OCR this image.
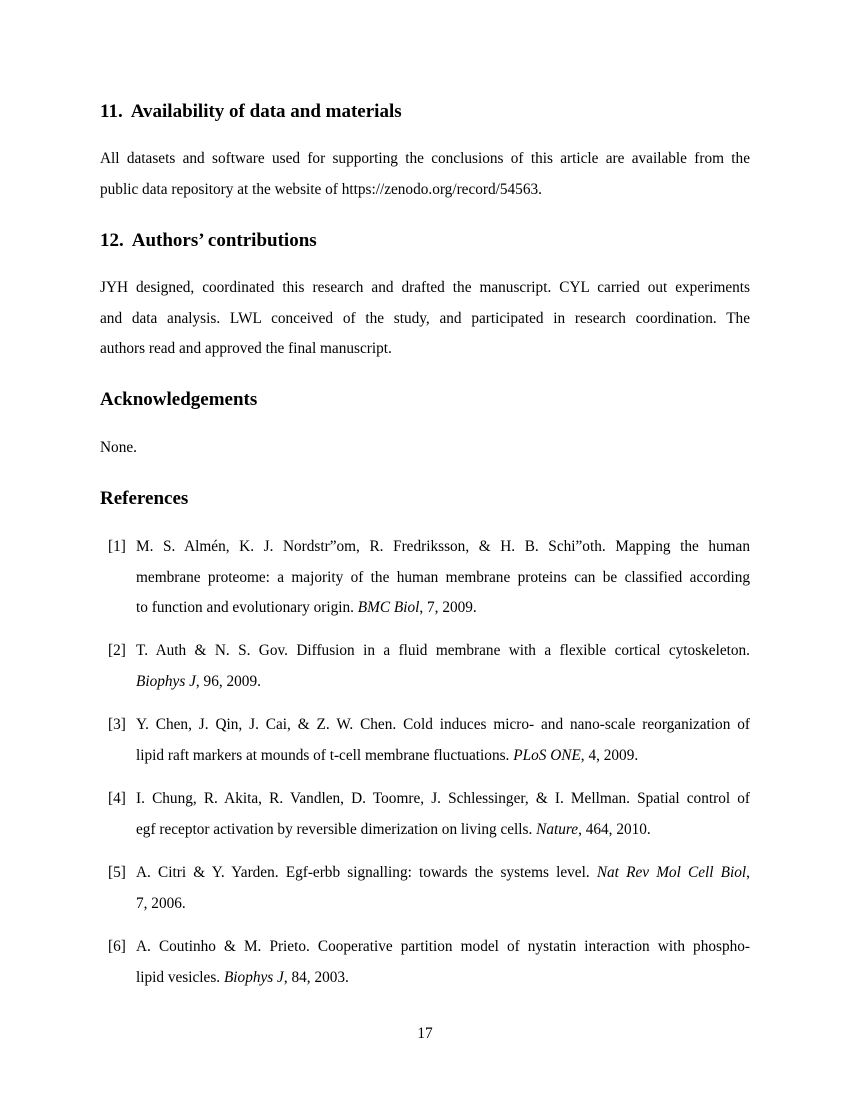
11. Availability of data and materials

All datasets and software used for supporting the conclusions of this article are available from the
public data repository at the website of https://zenodo.org/record/54563.

12. Authors’ contributions

JYH designed, coordinated this research and drafted the manuscript. CYL carried out experiments
and data analysis. LWL conceived of the study, and participated in research coordination. The
authors read and approved the final manuscript.

Acknowledgements

None.

References
[1] M. S. Almén, K. J. Nordstr”om, R. Fredriksson, & H. B. Schi”oth. Mapping the human
membrane proteome: a majority of the human membrane proteins can be classified according
to function and evolutionary origin. BMC Biol, 7, 2009.
[2] T. Auth & N. S. Gov. Diffusion in a fluid membrane with a flexible cortical cytoskeleton.
Biophys J, 96, 2009.
[3] Y. Chen, J. Qin, J. Cai, & Z. W. Chen. Cold induces micro- and nano-scale reorganization of
lipid raft markers at mounds of t-cell membrane fluctuations. PLoS ONE, 4, 2009.
[4] I. Chung, R. Akita, R. Vandlen, D. Toomre, J. Schlessinger, & I. Mellman. Spatial control of
egf receptor activation by reversible dimerization on living cells. Nature, 464, 2010.
[5] A. Citri & Y. Yarden. Egf-erbb signalling: towards the systems level. Nat Rev Mol Cell Biol,
7, 2006.
[6] A. Coutinho & M. Prieto. Cooperative partition model of nystatin interaction with phospho-
lipid vesicles. Biophys J, 84, 2003.
17
